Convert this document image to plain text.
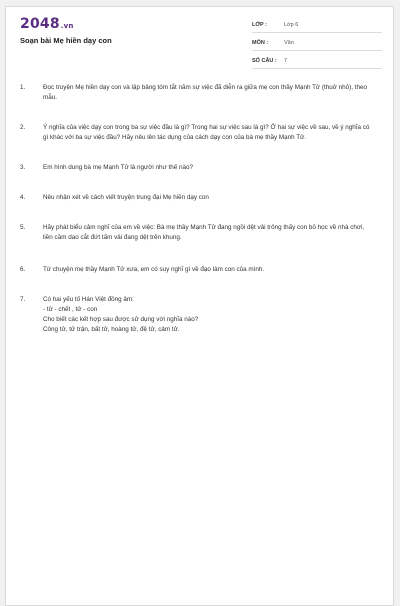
2048.vn
Soạn bài Mẹ hiền dạy con
LỚP :	Lớp 6
MÔN :	Văn
SỐ CÂU :	7
1.	Đọc truyện Mẹ hiền dạy con và lập bảng tóm tắt năm sự việc đã diễn ra giữa mẹ con thầy Mạnh Tử (thuở nhỏ), theo mẫu.
2.	Ý nghĩa của việc dạy con trong ba sự việc đầu là gì? Trong hai sự việc sau là gì? Ở hai sự việc về sau, về ý nghĩa có gì khác với ba sự việc đầu? Hãy nêu lên tác dụng của cách dạy con của bà mẹ thầy Mạnh Tử.
3.	Em hình dung bà mẹ Mạnh Tử là người như thế nào?
4.	Nêu nhận xét về cách viết truyện trung đại Mẹ hiền dạy con
5.	Hãy phát biểu cảm nghĩ của em về việc: Bà mẹ thầy Mạnh Tử đang ngồi dệt vải trông thấy con bỏ học về nhà chơi, liền cầm dao cắt đứt tấm vải đang dệt trên khung.
6.	Từ chuyện mẹ thầy Mạnh Tử xưa, em có suy nghĩ gì về đạo làm con của mình.
7.	Có hai yếu tố Hán Việt đồng âm:
- tử - chết , tử - con
Cho biết các kết hợp sau được sử dụng với nghĩa nào?
Công tử, tử trận, bất tử, hoàng tử, đệ tử, cảm tử.
